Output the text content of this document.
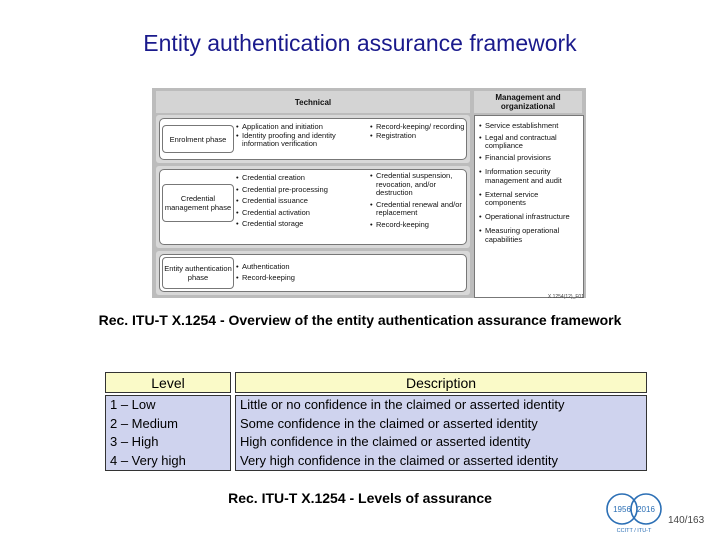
Entity authentication assurance framework
Technical	Management and organizational
Enrolment phase
• Application and initiation
• Identity proofing and identity information verification
• Record-keeping/ recording
• Registration
Credential management phase
• Credential creation
• Credential pre-processing
• Credential issuance
• Credential activation
• Credential storage
• Credential suspension, revocation, and/or destruction
• Credential renewal and/or replacement
• Record-keeping
Entity authentication phase
• Authentication
• Record-keeping
• Service establishment
• Legal and contractual compliance
• Financial provisions
• Information security management and audit
• External service components
• Operational infrastructure
• Measuring operational capabilities
X.1254(12)_F01
Rec. ITU-T X.1254 - Overview of the entity authentication assurance framework
Level	Description
1 – Low
2 – Medium
3 – High
4 – Very high
Little or no confidence in the claimed or asserted identity
Some confidence in the claimed or asserted identity
High confidence in the claimed or asserted identity
Very high confidence in the claimed or asserted identity
Rec. ITU-T X.1254 - Levels of assurance
1956 2016
CCITT / ITU-T
140/163
